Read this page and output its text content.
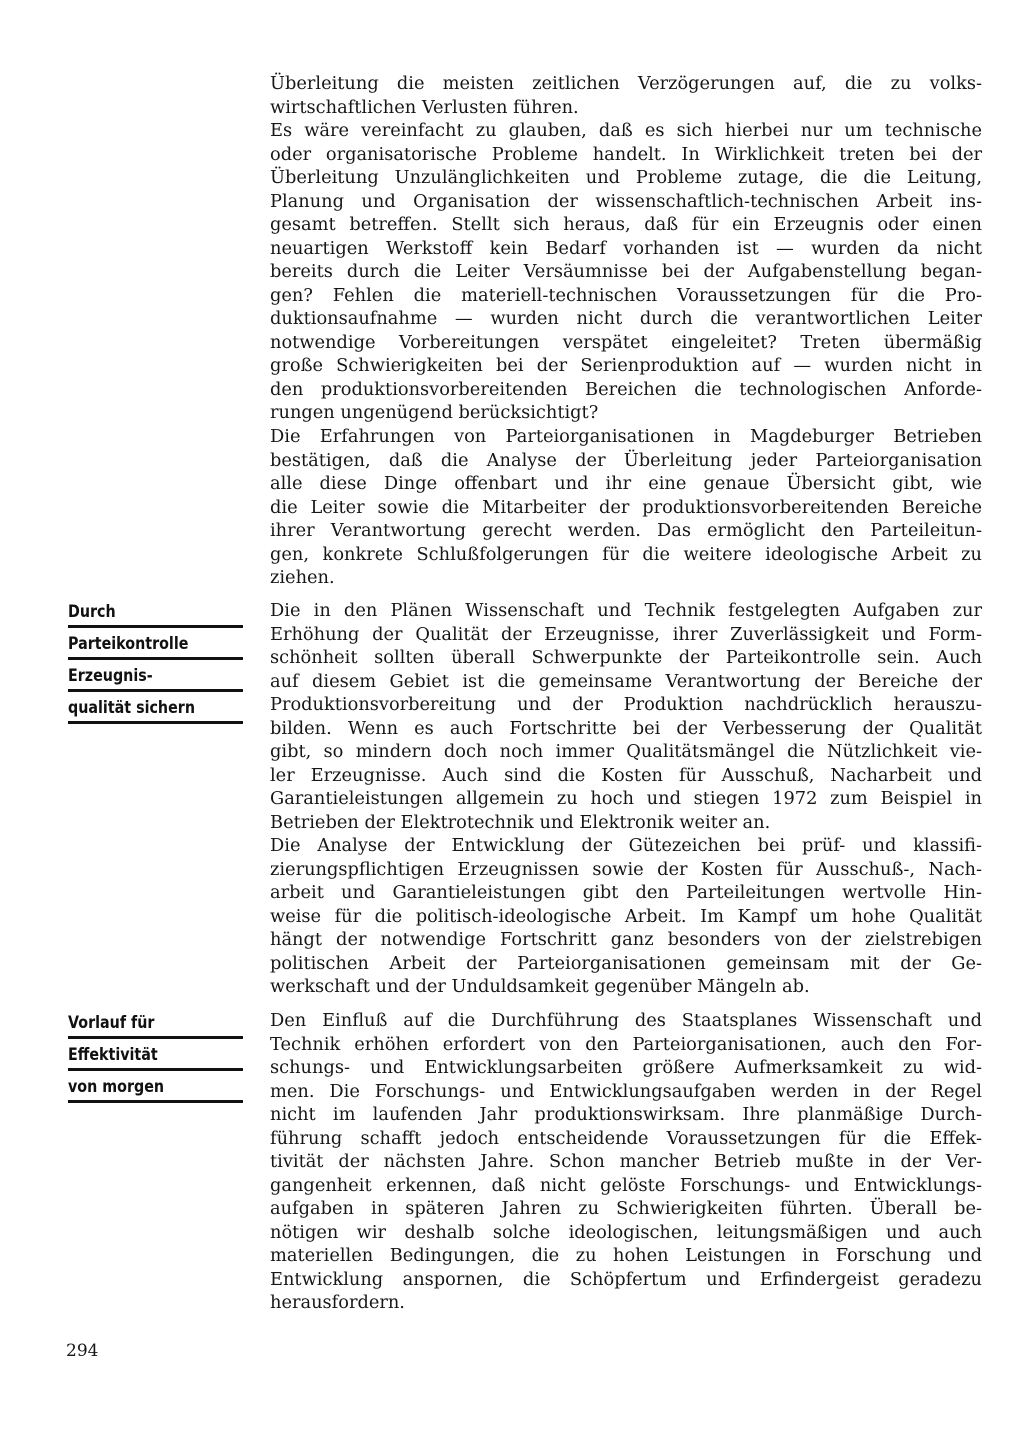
Überleitung die meisten zeitlichen Verzögerungen auf, die zu volks-
wirtschaftlichen Verlusten führen.
Es wäre vereinfacht zu glauben, daß es sich hierbei nur um technische
oder organisatorische Probleme handelt. In Wirklichkeit treten bei der
Überleitung Unzulänglichkeiten und Probleme zutage, die die Leitung,
Planung und Organisation der wissenschaftlich-technischen Arbeit ins-
gesamt betreffen. Stellt sich heraus, daß für ein Erzeugnis oder einen
neuartigen Werkstoff kein Bedarf vorhanden ist — wurden da nicht
bereits durch die Leiter Versäumnisse bei der Aufgabenstellung began-
gen? Fehlen die materiell-technischen Voraussetzungen für die Pro-
duktionsaufnahme — wurden nicht durch die verantwortlichen Leiter
notwendige Vorbereitungen verspätet eingeleitet? Treten übermäßig
große Schwierigkeiten bei der Serienproduktion auf — wurden nicht in
den produktionsvorbereitenden Bereichen die technologischen Anforde-
rungen ungenügend berücksichtigt?
Die Erfahrungen von Parteiorganisationen in Magdeburger Betrieben
bestätigen, daß die Analyse der Überleitung jeder Parteiorganisation
alle diese Dinge offenbart und ihr eine genaue Übersicht gibt, wie
die Leiter sowie die Mitarbeiter der produktionsvorbereitenden Bereiche
ihrer Verantwortung gerecht werden. Das ermöglicht den Parteileitun-
gen, konkrete Schlußfolgerungen für die weitere ideologische Arbeit zu
ziehen.
Die in den Plänen Wissenschaft und Technik festgelegten Aufgaben zur
Erhöhung der Qualität der Erzeugnisse, ihrer Zuverlässigkeit und Form-
schönheit sollten überall Schwerpunkte der Parteikontrolle sein. Auch
auf diesem Gebiet ist die gemeinsame Verantwortung der Bereiche der
Produktionsvorbereitung und der Produktion nachdrücklich herauszu-
bilden. Wenn es auch Fortschritte bei der Verbesserung der Qualität
gibt, so mindern doch noch immer Qualitätsmängel die Nützlichkeit vie-
ler Erzeugnisse. Auch sind die Kosten für Ausschuß, Nacharbeit und
Garantieleistungen allgemein zu hoch und stiegen 1972 zum Beispiel in
Betrieben der Elektrotechnik und Elektronik weiter an.
Die Analyse der Entwicklung der Gütezeichen bei prüf- und klassifi-
zierungspflichtigen Erzeugnissen sowie der Kosten für Ausschuß-, Nach-
arbeit und Garantieleistungen gibt den Parteileitungen wertvolle Hin-
weise für die politisch-ideologische Arbeit. Im Kampf um hohe Qualität
hängt der notwendige Fortschritt ganz besonders von der zielstrebigen
politischen Arbeit der Parteiorganisationen gemeinsam mit der Ge-
werkschaft und der Unduldsamkeit gegenüber Mängeln ab.
Den Einfluß auf die Durchführung des Staatsplanes Wissenschaft und
Technik erhöhen erfordert von den Parteiorganisationen, auch den For-
schungs- und Entwicklungsarbeiten größere Aufmerksamkeit zu wid-
men. Die Forschungs- und Entwicklungsaufgaben werden in der Regel
nicht im laufenden Jahr produktionswirksam. Ihre planmäßige Durch-
führung schafft jedoch entscheidende Voraussetzungen für die Effek-
tivität der nächsten Jahre. Schon mancher Betrieb mußte in der Ver-
gangenheit erkennen, daß nicht gelöste Forschungs- und Entwicklungs-
aufgaben in späteren Jahren zu Schwierigkeiten führten. Überall be-
nötigen wir deshalb solche ideologischen, leitungsmäßigen und auch
materiellen Bedingungen, die zu hohen Leistungen in Forschung und
Entwicklung anspornen, die Schöpfertum und Erfindergeist geradezu
herausfordern.
Durch
Parteikontrolle
Erzeugnis-
qualität sichern
Vorlauf für
Effektivität
von morgen

294
